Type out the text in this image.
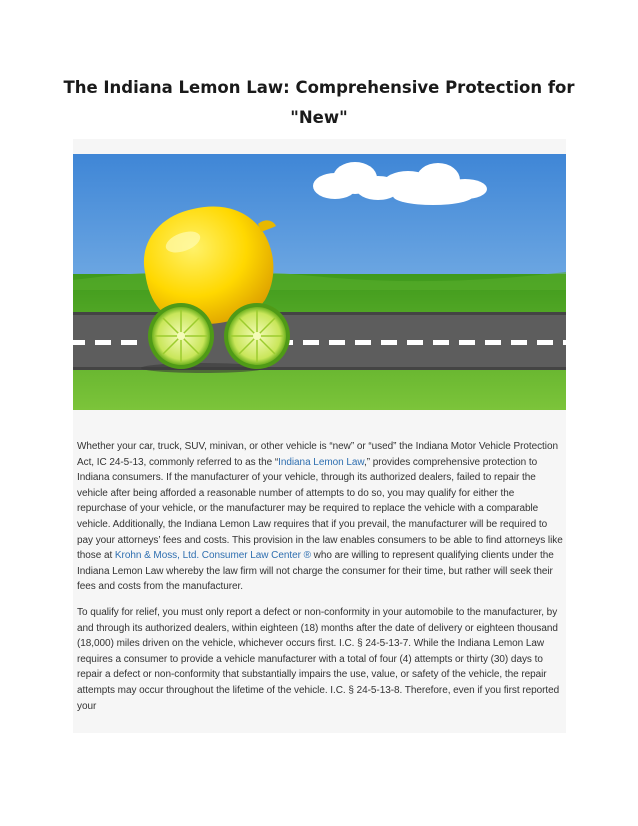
The Indiana Lemon Law: Comprehensive Protection for "New"

Whether your car, truck, SUV, minivan, or other vehicle is “new” or “used” the Indiana Motor Vehicle Protection Act, IC 24-5-13, commonly referred to as the “Indiana Lemon Law,” provides comprehensive protection to Indiana consumers. If the manufacturer of your vehicle, through its authorized dealers, failed to repair the vehicle after being afforded a reasonable number of attempts to do so, you may qualify for either the repurchase of your vehicle, or the manufacturer may be required to replace the vehicle with a comparable vehicle. Additionally, the Indiana Lemon Law requires that if you prevail, the manufacturer will be required to pay your attorneys’ fees and costs. This provision in the law enables consumers to be able to find attorneys like those at Krohn & Moss, Ltd. Consumer Law Center ® who are willing to represent qualifying clients under the Indiana Lemon Law whereby the law firm will not charge the consumer for their time, but rather will seek their fees and costs from the manufacturer.

To qualify for relief, you must only report a defect or non-conformity in your automobile to the manufacturer, by and through its authorized dealers, within eighteen (18) months after the date of delivery or eighteen thousand (18,000) miles driven on the vehicle, whichever occurs first. I.C. § 24-5-13-7. While the Indiana Lemon Law requires a consumer to provide a vehicle manufacturer with a total of four (4) attempts or thirty (30) days to repair a defect or non-conformity that substantially impairs the use, value, or safety of the vehicle, the repair attempts may occur throughout the lifetime of the vehicle. I.C. § 24-5-13-8. Therefore, even if you first reported your
